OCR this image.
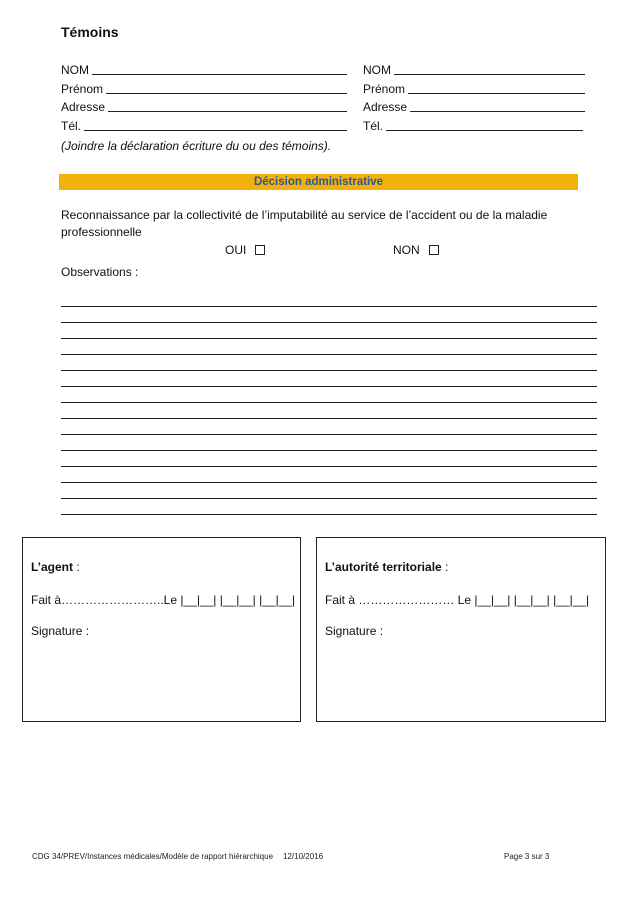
Témoins
NOM
Prénom
Adresse
Tél.
NOM
Prénom
Adresse
Tél.
(Joindre la déclaration écriture du ou des témoins).
Décision administrative
Reconnaissance par la collectivité de l’imputabilité au service de l’accident ou de la maladie professionnelle
OUI	NON
Observations :
L’agent :
Fait à……………………..Le |__|__| |__|__| |__|__|
Signature :
L’autorité territoriale :
Fait à …………………… Le |__|__| |__|__| |__|__|
Signature :
CDG 34/PREV/Instances médicales/Modèle de rapport hiérarchique 12/10/2016	Page 3 sur 3
